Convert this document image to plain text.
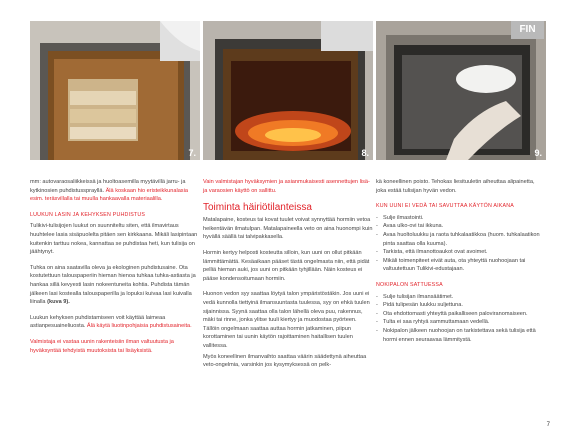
7.	8.	9.
FIN

mm: autovaraosaliikkeissä ja huoltoasemilla myytävillä jarru- ja kytkinosien puhdistussprayllä. Älä koskaan hio eristeikkunalasia esim. teräsvillalla tai muulla hankaavalla materiaalilla.

LUUKUN LASIN JA KEHYKSEN PUHDISTUS

Tulikivi-tulisijojen luukut on suunniteltu siten, että ilmavirtaus huuhtelee lasia sisäpuolelta pitäen sen kirkkaana. Mikäli lasipintaan kuitenkin tarttuu nokea, kannattaa se puhdistaa heti, kun tulisija on jäähtynyt.

Tuhka on aina saatavilla oleva ja ekologinen puhdistusaine. Ota kostutettuun talouspaperiin hieman hienoa tuhkaa tuhka-astiasta ja hankaa sillä kevyesti lasin nokeentuneita kohtia. Puhdista tämän jälkeen lasi kostealla talouspaperilla ja lopuksi kuivaa lasi kuivalla liinalla (kuva 9).

Luukun kehyksen puhdistamiseen voit käyttää laimeaa astianpesuaineliuosta. Älä käytä liuotinpohjaisia puhdistusaineita.

Valmistaja ei vastaa uunin rakenteisiin ilman valtuutusta ja hyväksyntää tehdyistä muutoksista tai lisäyksistä.

Vain valmistajan hyväksymien ja asianmukaisesti asennettujen lisä- ja varaosien käyttö on sallittu.

Toiminta häiriötilanteissa

Matalapaine, kosteus tai kovat tuulet voivat synnyttää hormiin vetoa heikentävän ilmatulpan. Matalapaineella veto on aina huonompi kuin hyvällä säällä tai talvipakkasella.

Hormin kertyy helposti kosteutta silloin, kun uuni on ollut pitkään lämmittämättä. Kesäaikaan pääset tästä ongelmasta niin, että pidät pelliä hieman auki, jos uuni on pitkään tyhjillään. Näin kosteus ei pääse kondensoitumaan hormiin.

Huonon vedon syy saattaa löytyä talon ympäristöstäkin. Jos uuni ei vedä kunnolla tiettyinä ilmansuuntasta tuulessa, syy on ehkä tuulen sijainnissa. Syynä saattaa olla talon lähellä oleva puu, rakennus, mäki tai rinne, jonka ylitse tuuli kiertyy ja muodostaa pyörteen. Tällöin ongelmaan saattaa auttaa hormin jatkaminen, piipun korottaminen tai uunin käytön rajoittaminen haitallisen tuulen vallitessa.

Myös koneellinen ilmanvaihto saattaa väärin säädettynä aiheuttaa veto-ongelmia, varsinkin jos kysymyksessä on pelk-

kä koneellinen poisto. Tehokas liesituuletin aiheuttaa alipainetta, joka estää tulisijan hyvän vedon.

KUN UUNI EI VEDÄ TAI SAVUTTAA KÄYTÖN AIKANA
- Sulje ilmastointi.
- Avaa ulko-ovi tai ikkuna.
- Avaa huoltoluukku ja raota tuhkalaatikkoa (huom. tuhkalaatikon pinta saattaa olla kuuma).
- Tarkista, että ilmanottoaukot ovat avoimet.
- Mikäli toimenpiteet eivät auta, ota yhteyttä nuohoojaan tai valtuutettuun Tulikivi-edustajaan.
NOKIPALON SATTUESSA
- Sulje tulisijan ilmansäätimet.
- Pidä tulipesän luukku suljettuna.
- Ota ehdottomasti yhteyttä paikalliseen paloviranomaiseen.
- Tulta ei saa ryhtyä sammuttamaan vedellä.
- Nokipalon jälkeen nuohoojan on tarkistettava sekä tulisija että hormi ennen seuraavaa lämmitystä.
7
